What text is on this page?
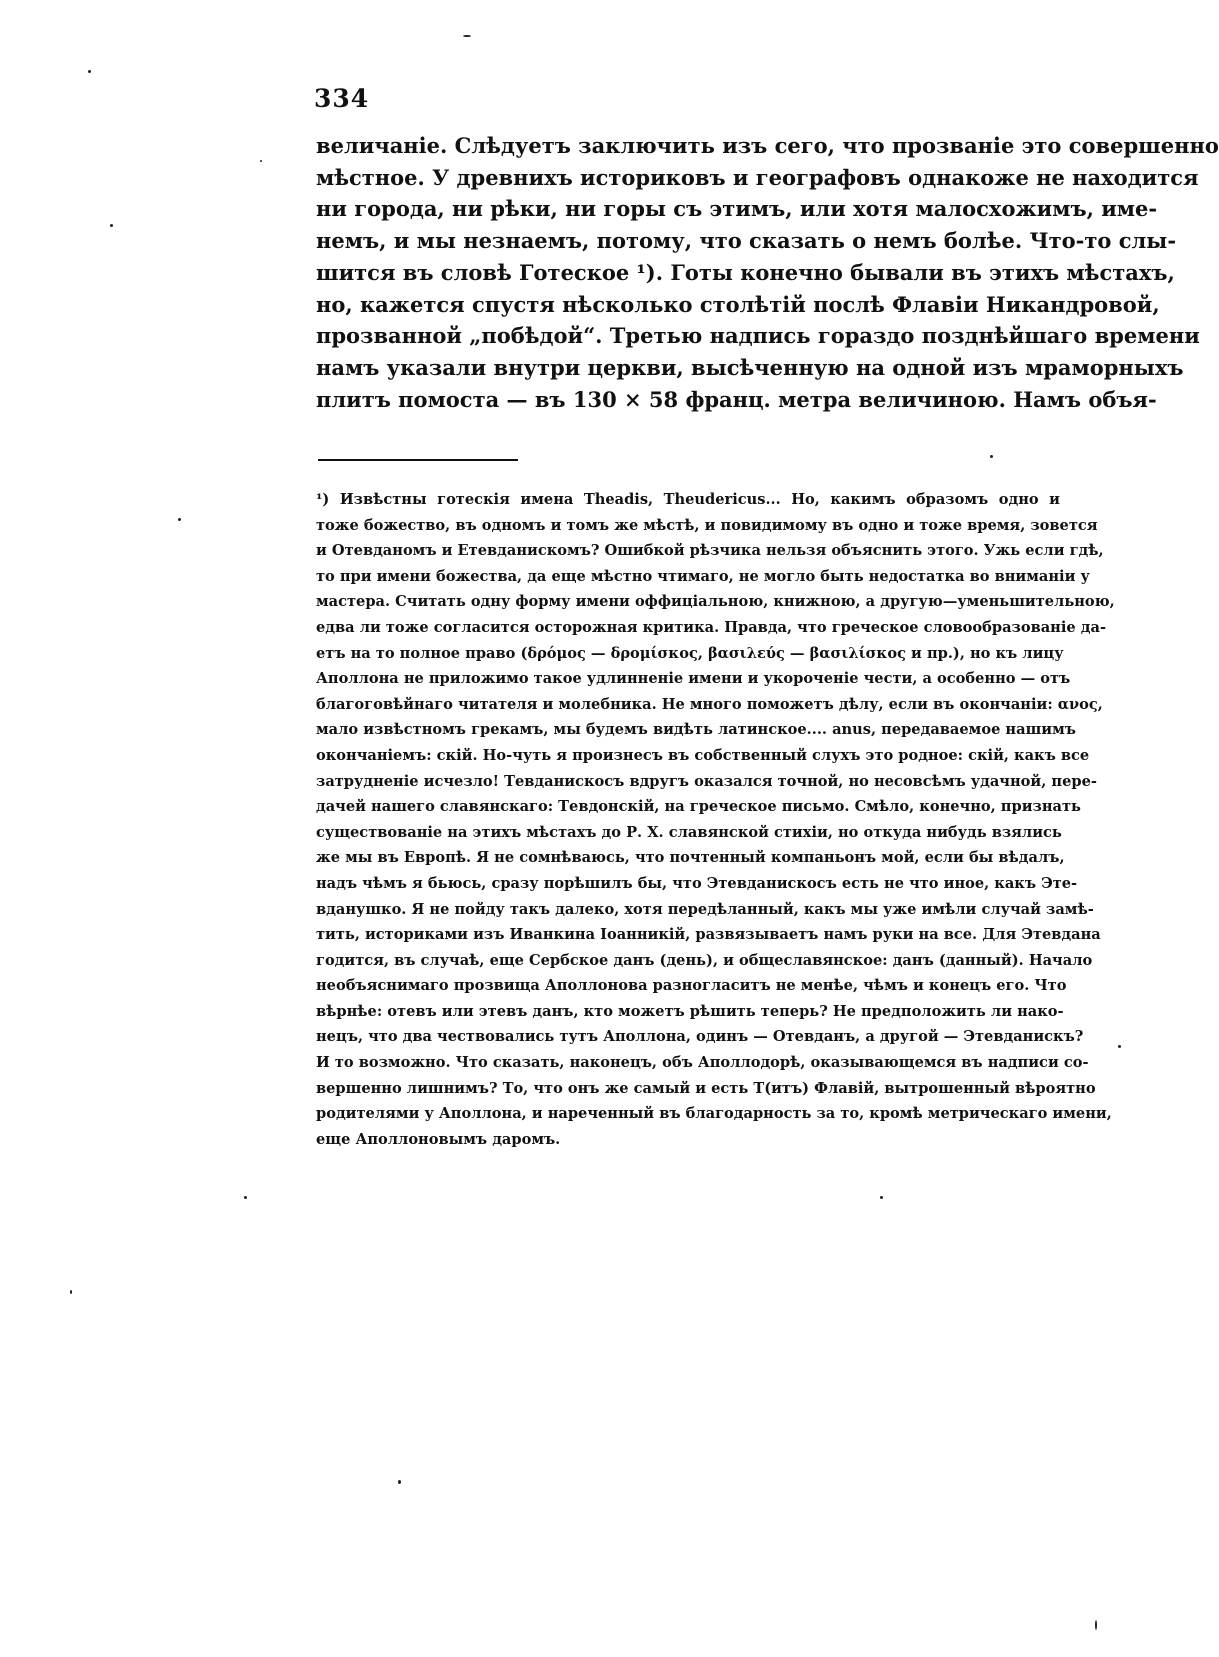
334
величаніе. Слѣдуетъ заключить изъ сего, что прозваніе это совершенно
мѣстное. У древнихъ историковъ и географовъ однакоже не находится
ни города, ни рѣки, ни горы съ этимъ, или хотя малосхожимъ, име-
немъ, и мы незнаемъ, потому, что сказать о немъ болѣе. Что-то слы-
шится въ словѣ Готеское ¹). Готы конечно бывали въ этихъ мѣстахъ,
но, кажется спустя нѣсколько столѣтій послѣ Флавіи Никандровой,
прозванной „побѣдой“. Третью надпись гораздо позднѣйшаго времени
намъ указали внутри церкви, высѣченную на одной изъ мраморныхъ
плитъ помоста — въ 130 × 58 франц. метра величиною. Намъ объя-
¹) Извѣстны готескія имена Theadis, Theudericus... Но, какимъ образомъ одно и
тоже божество, въ одномъ и томъ же мѣстѣ, и повидимому въ одно и тоже время, зовется
и Отевданомъ и Етевданискомъ? Ошибкой рѣзчика нельзя объяснить этого. Ужь если гдѣ,
то при имени божества, да еще мѣстно чтимаго, не могло быть недостатка во вниманіи у
мастера. Считать одну форму имени оффиціальною, книжною, а другую—уменьшительною,
едва ли тоже согласится осторожная критика. Правда, что греческое словообразованіе да-
етъ на то полное право (δρόμος — δρομίσκος, βασιλεύς — βασιλίσκος и пр.), но къ лицу
Аполлона не приложимо такое удлинненіе имени и укороченіе чести, а особенно — отъ
благоговѣйнаго читателя и молебника. Не много поможетъ дѣлу, если въ окончаніи: ανος,
мало извѣстномъ грекамъ, мы будемъ видѣть латинское.... anus, передаваемое нашимъ
окончаніемъ: скій. Но-чуть я произнесъ въ собственный слухъ это родное: скій, какъ все
затрудненіе исчезло! Тевданискосъ вдругъ оказался точной, но несовсѣмъ удачной, пере-
дачей нашего славянскаго: Тевдонскій, на греческое письмо. Смѣло, конечно, признать
существованіе на этихъ мѣстахъ до Р. Х. славянской стихіи, но откуда нибудь взялись
же мы въ Европѣ. Я не сомнѣваюсь, что почтенный компаньонъ мой, если бы вѣдалъ,
надъ чѣмъ я бьюсь, сразу порѣшилъ бы, что Этевданискосъ есть не что иное, какъ Эте-
вданушко. Я не пойду такъ далеко, хотя передѣланный, какъ мы уже имѣли случай замѣ-
тить, историками изъ Иванкина Іоанникій, развязываетъ намъ руки на все. Для Этевдана
годится, въ случаѣ, еще Сербское данъ (день), и общеславянское: данъ (данный). Начало
необъяснимаго прозвища Аполлонова разногласитъ не менѣе, чѣмъ и конецъ его. Что
вѣрнѣе: отевъ или этевъ данъ, кто можетъ рѣшить теперь? Не предположить ли нако-
нецъ, что два чествовались тутъ Аполлона, одинъ — Отевданъ, а другой — Этевданискъ?
И то возможно. Что сказать, наконецъ, объ Аполлодорѣ, оказывающемся въ надписи со-
вершенно лишнимъ? То, что онъ же самый и есть Т(итъ) Флавій, вытрошенный вѣроятно
родителями у Аполлона, и нареченный въ благодарность за то, кромѣ метрическаго имени,
еще Аполлоновымъ даромъ.
